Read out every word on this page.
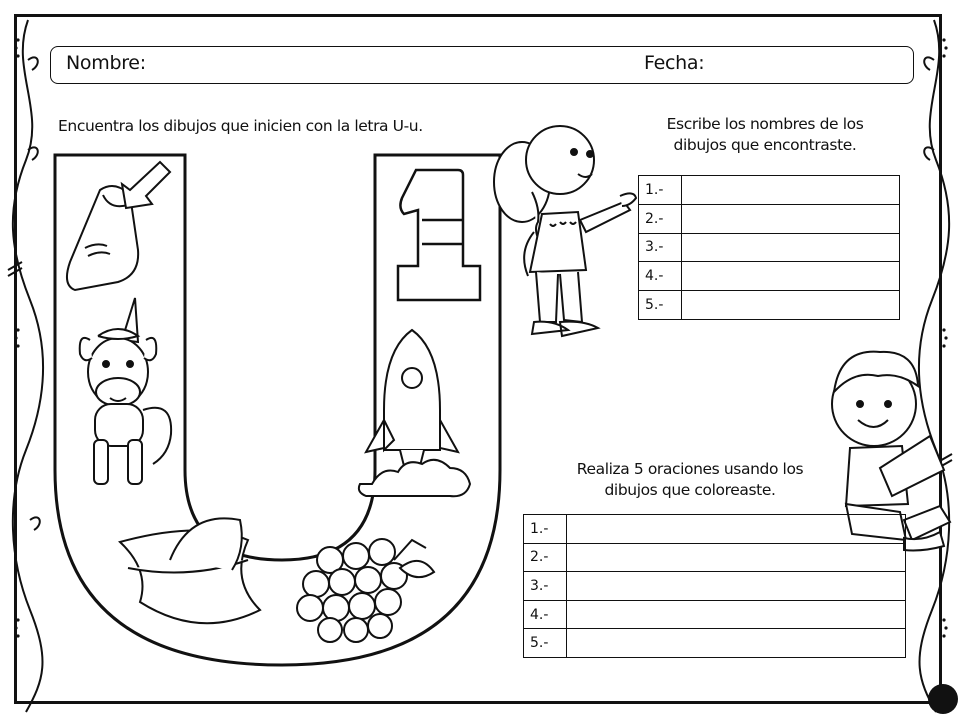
Nombre:	Fecha:
Encuentra los dibujos que inicien con la letra U-u.	Escribe los nombres de los
dibujos que encontraste.
Realiza 5 oraciones usando los
dibujos que coloreaste.
1.-	
2.-	
3.-	
4.-	
5.-	
1.-	
2.-	
3.-	
4.-	
5.-	
